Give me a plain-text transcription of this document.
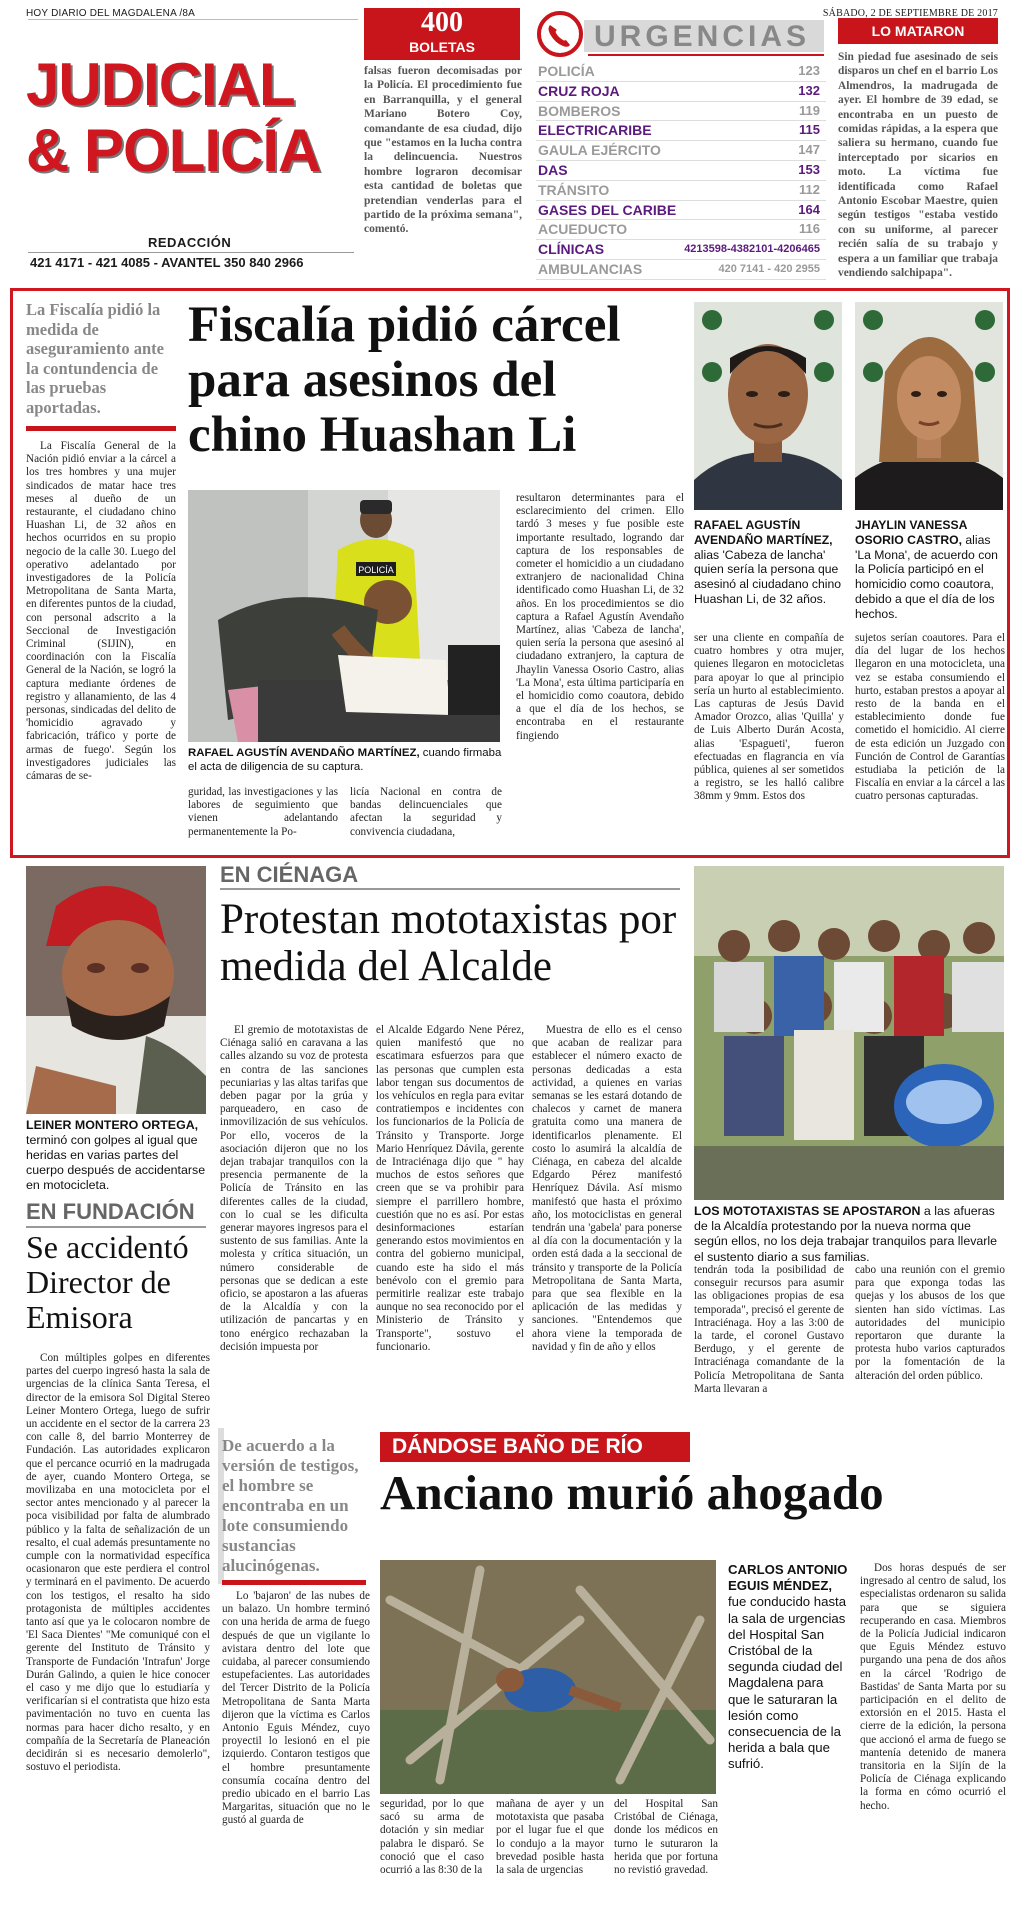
HOY DIARIO DEL MAGDALENA /8A
JUDICIAL
& POLICÍA
REDACCIÓN
421 4171 - 421 4085 - AVANTEL 350 840 2966
400
BOLETAS
falsas fueron decomisadas por la Policía. El procedimiento fue en Barranquilla, y el general Mariano Botero Coy, comandante de esa ciudad, dijo que "estamos en la lucha contra la delincuencia. Nuestros hombre lograron decomisar esta cantidad de boletas que pretendian venderlas para el partido de la próxima semana", comentó.
URGENCIAS
POLICÍA	123
CRUZ ROJA	132
BOMBEROS	119
ELECTRICARIBE	115
GAULA EJÉRCITO	147
DAS	153
TRÁNSITO	112
GASES DEL CARIBE	164
ACUEDUCTO	116
CLÍNICAS	4213598-4382101-4206465
AMBULANCIAS	420 7141 - 420 2955
LO MATARON
Sin piedad fue asesinado de seis disparos un chef en el barrio Los Almendros, la madrugada de ayer. El hombre de 39 edad, se encontraba en un puesto de comidas rápidas, a la espera que saliera su hermano, cuando fue interceptado por sicarios en moto. La víctima fue identificada como Rafael Antonio Escobar Maestre, quien según testigos "estaba vestido con su uniforme, al parecer recién salía de su trabajo y espera a un familiar que trabaja vendiendo salchipapa".
La Fiscalía pidió la medida de aseguramiento ante la contundencia de las pruebas aportadas.
Fiscalía pidió cárcel para asesinos del chino Huashan Li

La Fiscalía General de la Nación pidió enviar a la cárcel a los tres hombres y una mujer sindicados de matar hace tres meses al dueño de un restaurante, el ciudadano chino Huashan Li, de 32 años en hechos ocurridos en su propio negocio de la calle 30. Luego del operativo adelantado por investigadores de la Policía Metropolitana de Santa Marta, en diferentes puntos de la ciudad, con personal adscrito a la Seccional de Investigación Criminal (SIJIN), en coordinación con la Fiscalía General de la Nación, se logró la captura mediante órdenes de registro y allanamiento, de las 4 personas, sindicadas del delito de 'homicidio agravado y fabricación, tráfico y porte de armas de fuego'. Según los investigadores judiciales las cámaras de se-

POLICÍA
RAFAEL AGUSTÍN AVENDAÑO MARTÍNEZ, cuando firmaba el acta de diligencia de su captura.

guridad, las investigaciones y las labores de seguimiento que vienen adelantando permanentemente la Po-

licía Nacional en contra de bandas delincuenciales que afectan la seguridad y convivencia ciudadana,

resultaron determinantes para el esclarecimiento del crimen. Ello tardó 3 meses y fue posible este importante resultado, logrando dar captura de los responsables de cometer el homicidio a un ciudadano extranjero de nacionalidad China identificado como Huashan Li, de 32 años. En los procedimientos se dio captura a Rafael Agustín Avendaño Martínez, alias 'Cabeza de lancha', quien sería la persona que asesinó al ciudadano extranjero, la captura de Jhaylin Vanessa Osorio Castro, alias 'La Mona', esta última participaría en el homicidio como coautora, debido a que el día de los hechos, se encontraba en el restaurante fingiendo

RAFAEL AGUSTÍN AVENDAÑO MARTÍNEZ, alias 'Cabeza de lancha' quien sería la persona que asesinó al ciudadano chino Huashan Li, de 32 años.
JHAYLIN VANESSA OSORIO CASTRO, alias 'La Mona', de acuerdo con la Policía participó en el homicidio como coautora, debido a que el día de los hechos.

ser una cliente en compañía de cuatro hombres y otra mujer, quienes llegaron en motocicletas para apoyar lo que al principio sería un hurto al establecimiento. Las capturas de Jesús David Amador Orozco, alias 'Quilla' y de Luis Alberto Durán Acosta, alias 'Espagueti', fueron efectuadas en flagrancia en vía pública, quienes al ser sometidos a registro, se les halló calibre 38mm y 9mm. Estos dos

sujetos serían coautores. Para el día del lugar de los hechos llegaron en una motocicleta, una vez se estaba consumiendo el hurto, estaban prestos a apoyar al resto de la banda en el establecimiento donde fue cometido el homicidio. Al cierre de esta edición un Juzgado con Función de Control de Garantías estudiaba la petición de la Fiscalía en enviar a la cárcel a las cuatro personas capturadas.

LEINER MONTERO ORTEGA, terminó con golpes al igual que heridas en varias partes del cuerpo después de accidentarse en motocicleta.
EN FUNDACIÓN
Se accidentó Director de Emisora

Con múltiples golpes en diferentes partes del cuerpo ingresó hasta la sala de urgencias de la clínica Santa Teresa, el director de la emisora Sol Digital Stereo Leiner Montero Ortega, luego de sufrir un accidente en el sector de la carrera 23 con calle 8, del barrio Monterrey de Fundación. Las autoridades explicaron que el percance ocurrió en la madrugada de ayer, cuando Montero Ortega, se movilizaba en una motocicleta por el sector antes mencionado y al parecer la poca visibilidad por falta de alumbrado público y la falta de señalización de un resalto, el cual además presuntamente no cumple con la normatividad específica ocasionaron que este perdiera el control y terminará en el pavimento. De acuerdo con los testigos, el resalto ha sido protagonista de múltiples accidentes tanto así que ya le colocaron nombre de 'El Saca Dientes' "Me comuniqué con el gerente del Instituto de Tránsito y Transporte de Fundación 'Intrafun' Jorge Durán Galindo, a quien le hice conocer el caso y me dijo que lo estudiaría y verificarían si el contratista que hizo esta pavimentación no tuvo en cuenta las normas para hacer dicho resalto, y en compañía de la Secretaría de Planeación decidirán si es necesario demolerlo", sostuvo el periodista.

EN CIÉNAGA
Protestan mototaxistas por medida del Alcalde

El gremio de mototaxistas de Ciénaga salió en caravana a las calles alzando su voz de protesta en contra de las sanciones pecuniarias y las altas tarifas que deben pagar por la grúa y parqueadero, en caso de inmovilización de sus vehículos. Por ello, voceros de la asociación dijeron que no los dejan trabajar tranquilos con la presencia permanente de la Policía de Tránsito en las diferentes calles de la ciudad, con lo cual se les dificulta generar mayores ingresos para el sustento de sus familias. Ante la molesta y crítica situación, un número considerable de personas que se dedican a este oficio, se apostaron a las afueras de la Alcaldía y con la utilización de pancartas y en tono enérgico rechazaban la decisión impuesta por

el Alcalde Edgardo Nene Pérez, quien manifestó que no escatimara esfuerzos para que las personas que cumplen esta labor tengan sus documentos de los vehículos en regla para evitar contratiempos e incidentes con los funcionarios de la Policía de Tránsito y Transporte. Jorge Mario Henríquez Dávila, gerente de Intraciénaga dijo que " hay muchos de estos señores que creen que se va prohibir para siempre el parrillero hombre, cuestión que no es así. Por estas desinformaciones estarían generando estos movimientos en contra del gobierno municipal, cuando este ha sido el más benévolo con el gremio para permitirle realizar este trabajo aunque no sea reconocido por el Ministerio de Tránsito y Transporte", sostuvo el funcionario.

Muestra de ello es el censo que acaban de realizar para establecer el número exacto de personas dedicadas a esta actividad, a quienes en varias semanas se les estará dotando de chalecos y carnet de manera gratuita como una manera de identificarlos plenamente. El costo lo asumirá la alcaldía de Ciénaga, en cabeza del alcalde Edgardo Pérez manifestó Henríquez Dávila. Así mismo manifestó que hasta el próximo año, los motociclistas en general tendrán una 'gabela' para ponerse al día con la documentación y la orden está dada a la seccional de tránsito y transporte de la Policía Metropolitana de Santa Marta, para que sea flexible en la aplicación de las medidas y sanciones. "Entendemos que ahora viene la temporada de navidad y fin de año y ellos

LOS MOTOTAXISTAS SE APOSTARON a las afueras de la Alcaldía protestando por la nueva norma que según ellos, no los deja trabajar tranquilos para llevarle el sustento diario a sus familias.

tendrán toda la posibilidad de conseguir recursos para asumir las obligaciones propias de esa temporada", precisó el gerente de Intraciénaga. Hoy a las 3:00 de la tarde, el coronel Gustavo Berdugo, y el gerente de Intraciénaga comandante de la Policía Metropolitana de Santa Marta llevaran a

cabo una reunión con el gremio para que exponga todas las quejas y los abusos de los que sienten han sido víctimas. Las autoridades del municipio reportaron que durante la protesta hubo varios capturados por la fomentación de la alteración del orden público.

De acuerdo a la versión de testigos, el hombre se encontraba en un lote consumiendo sustancias alucinógenas.
DÁNDOSE BAÑO DE RÍO
Anciano murió ahogado

Lo 'bajaron' de las nubes de un balazo. Un hombre terminó con una herida de arma de fuego después de que un vigilante lo avistara dentro del lote que cuidaba, al parecer consumiendo estupefacientes. Las autoridades del Tercer Distrito de la Policía Metropolitana de Santa Marta dijeron que la víctima es Carlos Antonio Eguis Méndez, cuyo proyectil lo lesionó en el pie izquierdo. Contaron testigos que el hombre presuntamente consumía cocaína dentro del predio ubicado en el barrio Las Margaritas, situación que no le gustó al guarda de

CARLOS ANTONIO EGUIS MÉNDEZ, fue conducido hasta la sala de urgencias del Hospital San Cristóbal de la segunda ciudad del Magdalena para que le saturaran la lesión como consecuencia de la herida a bala que sufrió.

seguridad, por lo que sacó su arma de dotación y sin mediar palabra le disparó. Se conoció que el caso ocurrió a las 8:30 de la

mañana de ayer y un mototaxista que pasaba por el lugar fue el que lo condujo a la mayor brevedad posible hasta la sala de urgencias

del Hospital San Cristóbal de Ciénaga, donde los médicos en turno le suturaron la herida que por fortuna no revistió gravedad.

Dos horas después de ser ingresado al centro de salud, los especialistas ordenaron su salida para que se siguiera recuperando en casa. Miembros de la Policía Judicial indicaron que Eguis Méndez estuvo purgando una pena de dos años en la cárcel 'Rodrigo de Bastidas' de Santa Marta por su participación en el delito de extorsión en el 2015. Hasta el cierre de la edición, la persona que accionó el arma de fuego se mantenía detenido de manera transitoria en la Sijín de la Policía de Ciénaga explicando la forma en cómo ocurrió el hecho.

SÁBADO, 2 DE SEPTIEMBRE DE 2017
